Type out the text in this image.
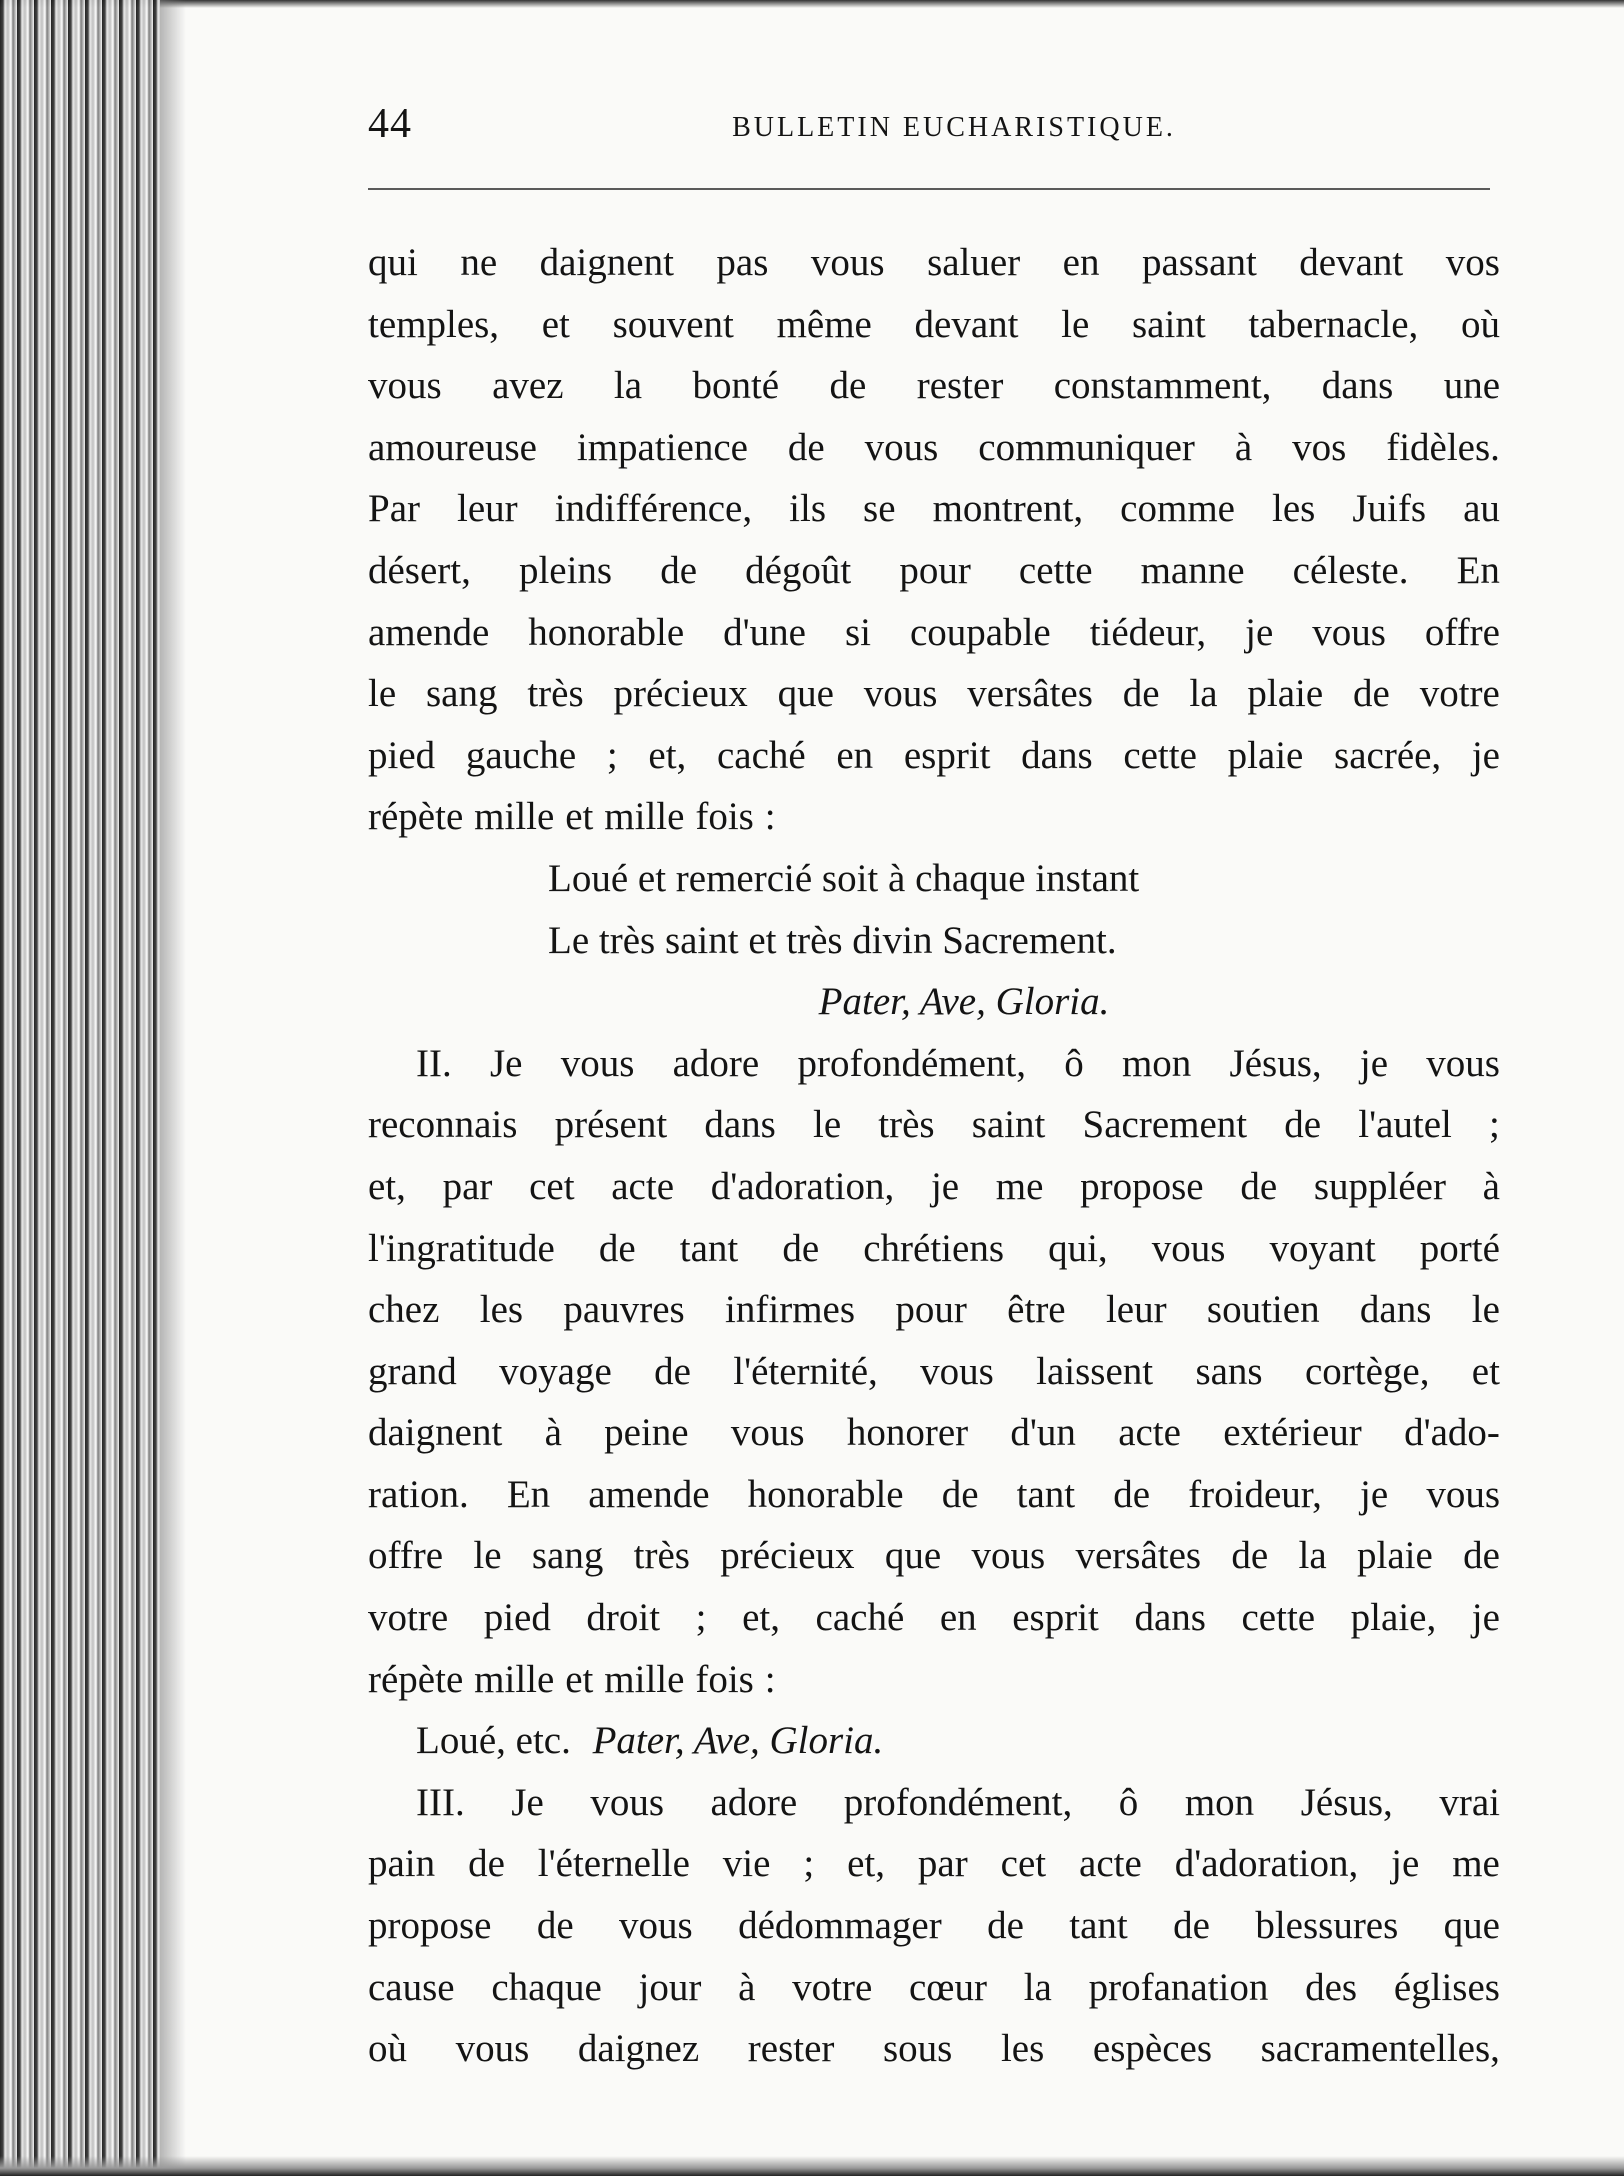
44	BULLETIN EUCHARISTIQUE.
qui ne daignent pas vous saluer en passant devant vos
temples, et souvent même devant le saint tabernacle, où
vous avez la bonté de rester constamment, dans une
amoureuse impatience de vous communiquer à vos fidèles.
Par leur indifférence, ils se montrent, comme les Juifs au
désert, pleins de dégoût pour cette manne céleste. En
amende honorable d'une si coupable tiédeur, je vous offre
le sang très précieux que vous versâtes de la plaie de votre
pied gauche ; et, caché en esprit dans cette plaie sacrée, je
répète mille et mille fois :
Loué et remercié soit à chaque instant
Le très saint et très divin Sacrement.
Pater, Ave, Gloria.
II. Je vous adore profondément, ô mon Jésus, je vous
reconnais présent dans le très saint Sacrement de l'autel ;
et, par cet acte d'adoration, je me propose de suppléer à
l'ingratitude de tant de chrétiens qui, vous voyant porté
chez les pauvres infirmes pour être leur soutien dans le
grand voyage de l'éternité, vous laissent sans cortège, et
daignent à peine vous honorer d'un acte extérieur d'ado-
ration. En amende honorable de tant de froideur, je vous
offre le sang très précieux que vous versâtes de la plaie de
votre pied droit ; et, caché en esprit dans cette plaie, je
répète mille et mille fois :
Loué, etc. Pater, Ave, Gloria.
III. Je vous adore profondément, ô mon Jésus, vrai
pain de l'éternelle vie ; et, par cet acte d'adoration, je me
propose de vous dédommager de tant de blessures que
cause chaque jour à votre cœur la profanation des églises
où vous daignez rester sous les espèces sacramentelles,
